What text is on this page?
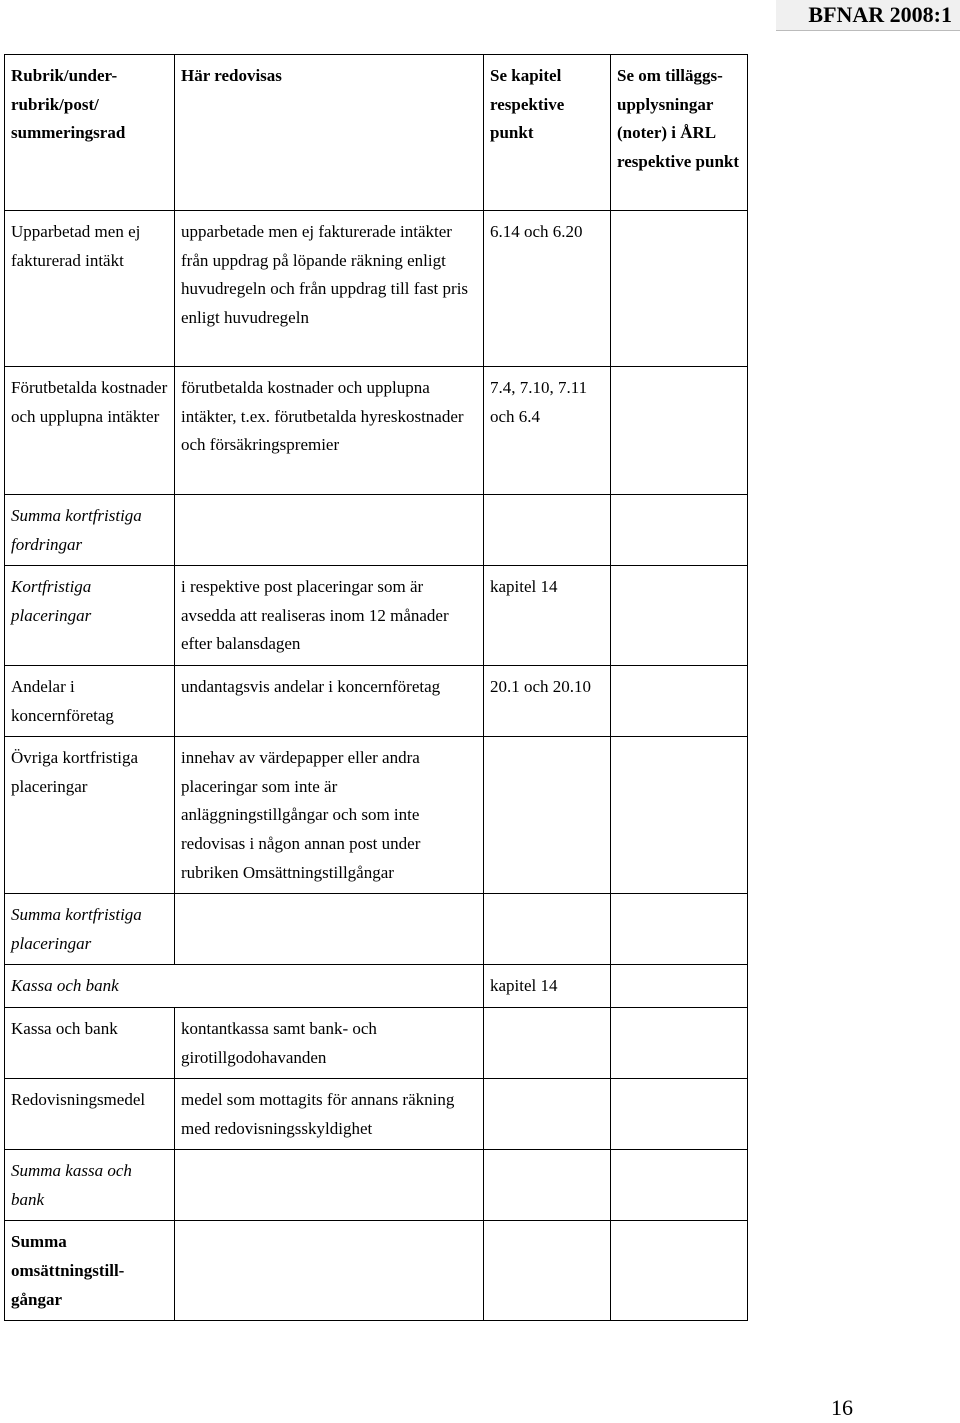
BFNAR 2008:1
Rubrik/under-rubrik/post/ summeringsrad	Här redovisas	Se kapitel respektive punkt	Se om tilläggs-upplysningar (noter) i ÅRL respektive punkt
Upparbetad men ej fakturerad intäkt	upparbetade men ej fakturerade intäkter från uppdrag på löpande räkning enligt huvudregeln och från uppdrag till fast pris enligt huvudregeln	6.14 och 6.20	
Förutbetalda kostnader och upplupna intäkter	förutbetalda kostnader och upplupna intäkter, t.ex. förutbetalda hyreskostnader och försäkringspremier	7.4, 7.10, 7.11 och 6.4	
Summa kortfristiga fordringar			
Kortfristiga placeringar	i respektive post placeringar som är avsedda att realiseras inom 12 månader efter balansdagen	kapitel 14	
Andelar i koncernföretag	undantagsvis andelar i koncernföretag	20.1 och 20.10	
Övriga kortfristiga placeringar	innehav av värdepapper eller andra placeringar som inte är anläggningstillgångar och som inte redovisas i någon annan post under rubriken Omsättningstillgångar		
Summa kortfristiga placeringar			
Kassa och bank		kapitel 14	
Kassa och bank	kontantkassa samt bank- och girotillgodohavanden		
Redovisningsmedel	medel som mottagits för annans räkning med redovisningsskyldighet		
Summa kassa och bank			
Summa omsättningstill-gångar			
16
